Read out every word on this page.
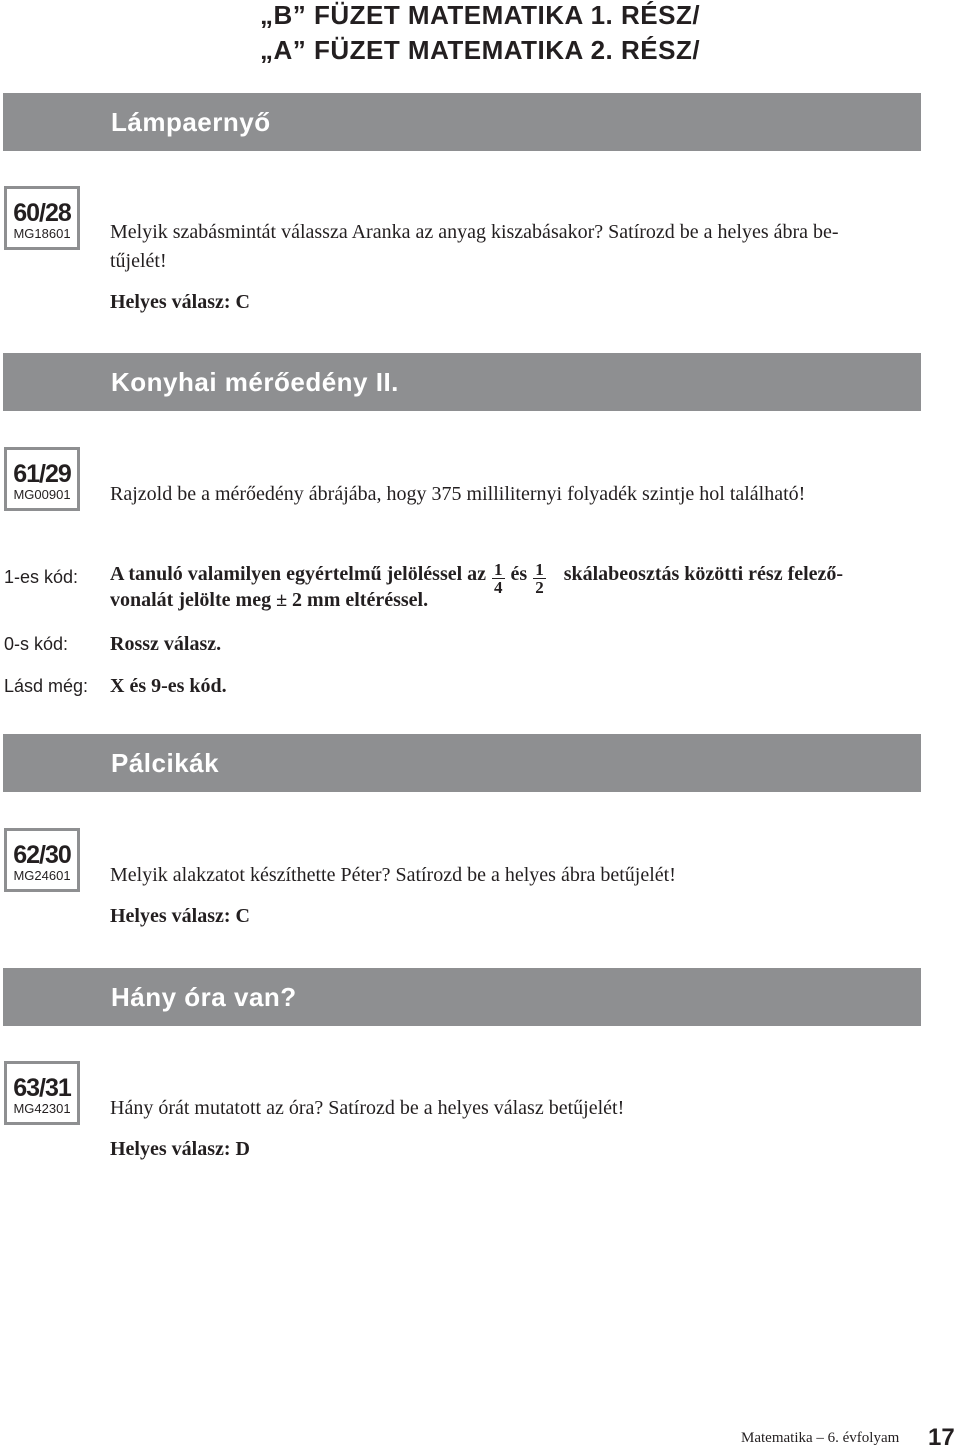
„B” FÜZET MATEMATIKA 1. RÉSZ/
„A” FÜZET MATEMATIKA 2. RÉSZ/
Lámpaernyő
60/28
MG18601	Melyik szabásmintát válassza Aranka az anyag kiszabásakor? Satírozd be a helyes ábra be-
tűjelét!
Helyes válasz: C
Konyhai mérőedény II.
61/29
MG00901	Rajzold be a mérőedény ábrájába, hogy 375 milliliternyi folyadék szintje hol található!
1-es kód: A tanuló valamilyen egyértelmű jelöléssel az $\frac{1}{4}$ és $\frac{1}{2}$ skálabeosztás közötti rész felező-
vonalát jelölte meg ± 2 mm eltéréssel.
0-s kód: Rossz válasz.
Lásd még: X és 9-es kód.
Pálcikák
62/30
MG24601	Melyik alakzatot készíthette Péter? Satírozd be a helyes ábra betűjelét!
Helyes válasz: C
Hány óra van?
63/31
MG42301	Hány órát mutatott az óra? Satírozd be a helyes válasz betűjelét!
Helyes válasz: D
Matematika – 6. évfolyam 17
